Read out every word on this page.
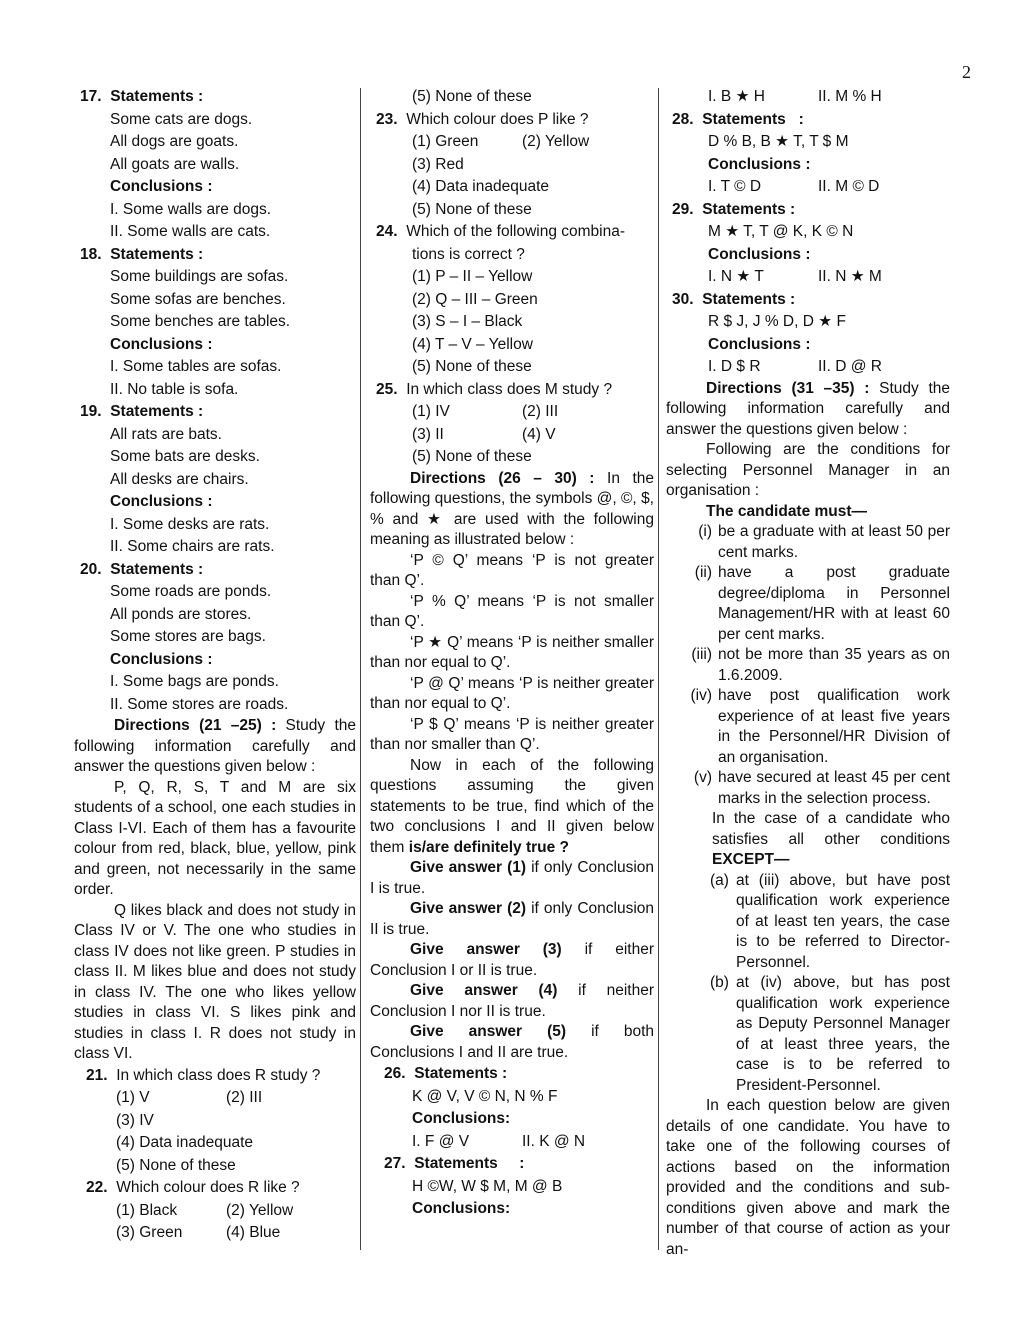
2
17. Statements :
Some cats are dogs.
All dogs are goats.
All goats are walls.
Conclusions :
I. Some walls are dogs.
II. Some walls are cats.
18. Statements :
Some buildings are sofas.
Some sofas are benches.
Some benches are tables.
Conclusions :
I. Some tables are sofas.
II. No table is sofa.
19. Statements :
All rats are bats.
Some bats are desks.
All desks are chairs.
Conclusions :
I. Some desks are rats.
II. Some chairs are rats.
20. Statements :
Some roads are ponds.
All ponds are stores.
Some stores are bags.
Conclusions :
I. Some bags are ponds.
II. Some stores are roads.
Directions (21 –25) : Study the following information carefully and answer the questions given below :
P, Q, R, S, T and M are six students of a school, one each studies in Class I-VI. Each of them has a favourite colour from red, black, blue, yellow, pink and green, not necessarily in the same order.
Q likes black and does not study in Class IV or V. The one who studies in class IV does not like green. P studies in class II. M likes blue and does not study in class IV. The one who likes yellow studies in class VI. S likes pink and studies in class I. R does not study in class VI.
21. In which class does R study ?
(1) V	(2) III
(3) IV
(4) Data inadequate
(5) None of these
22. Which colour does R like ?
(1) Black	(2) Yellow
(3) Green	(4) Blue
(5) None of these
23. Which colour does P like ?
(1) Green	(2) Yellow
(3) Red
(4) Data inadequate
(5) None of these
24. Which of the following combina-
tions is correct ?
(1) P – II – Yellow
(2) Q – III – Green
(3) S – I – Black
(4) T – V – Yellow
(5) None of these
25. In which class does M study ?
(1) IV	(2) III
(3) II	(4) V
(5) None of these
Directions (26 – 30) : In the following questions, the symbols @, ©, $, % and ★ are used with the following meaning as illustrated below :
‘P © Q’ means ‘P is not greater than Q’.
‘P % Q’ means ‘P is not smaller than Q’.
‘P ★ Q’ means ‘P is neither smaller than nor equal to Q’.
‘P @ Q’ means ‘P is neither greater than nor equal to Q’.
‘P $ Q’ means ‘P is neither greater than nor smaller than Q’.
Now in each of the following questions assuming the given statements to be true, find which of the two conclusions I and II given below them is/are definitely true ?
Give answer (1) if only Conclusion I is true.
Give answer (2) if only Conclusion II is true.
Give answer (3) if either Conclusion I or II is true.
Give answer (4) if neither Conclusion I nor II is true.
Give answer (5) if both Conclusions I and II are true.
26. Statements :
K @ V, V © N, N % F
Conclusions:
I. F @ V	II. K @ N
27. Statements :
H ©W, W $ M, M @ B
Conclusions:
I. B ★ H	II. M % H
28. Statements :
D % B, B ★ T, T $ M
Conclusions :
I. T © D	II. M © D
29. Statements :
M ★ T, T @ K, K © N
Conclusions :
I. N ★ T	II. N ★ M
30. Statements :
R $ J, J % D, D ★ F
Conclusions :
I. D $ R	II. D @ R
Directions (31 –35) : Study the following information carefully and answer the questions given below :
Following are the conditions for selecting Personnel Manager in an organisation :
The candidate must—
(i) be a graduate with at least 50 per cent marks.
(ii) have a post graduate degree/diploma in Personnel Management/HR with at least 60 per cent marks.
(iii) not be more than 35 years as on 1.6.2009.
(iv) have post qualification work experience of at least five years in the Personnel/HR Division of an organisation.
(v) have secured at least 45 per cent marks in the selection process.
In the case of a candidate who satisfies all other conditions EXCEPT—
(a) at (iii) above, but have post qualification work experience of at least ten years, the case is to be referred to Director-Personnel.
(b) at (iv) above, but has post qualification work experience as Deputy Personnel Manager of at least three years, the case is to be referred to President-Personnel.
In each question below are given details of one candidate. You have to take one of the following courses of actions based on the information provided and the conditions and sub-conditions given above and mark the number of that course of action as your an-
